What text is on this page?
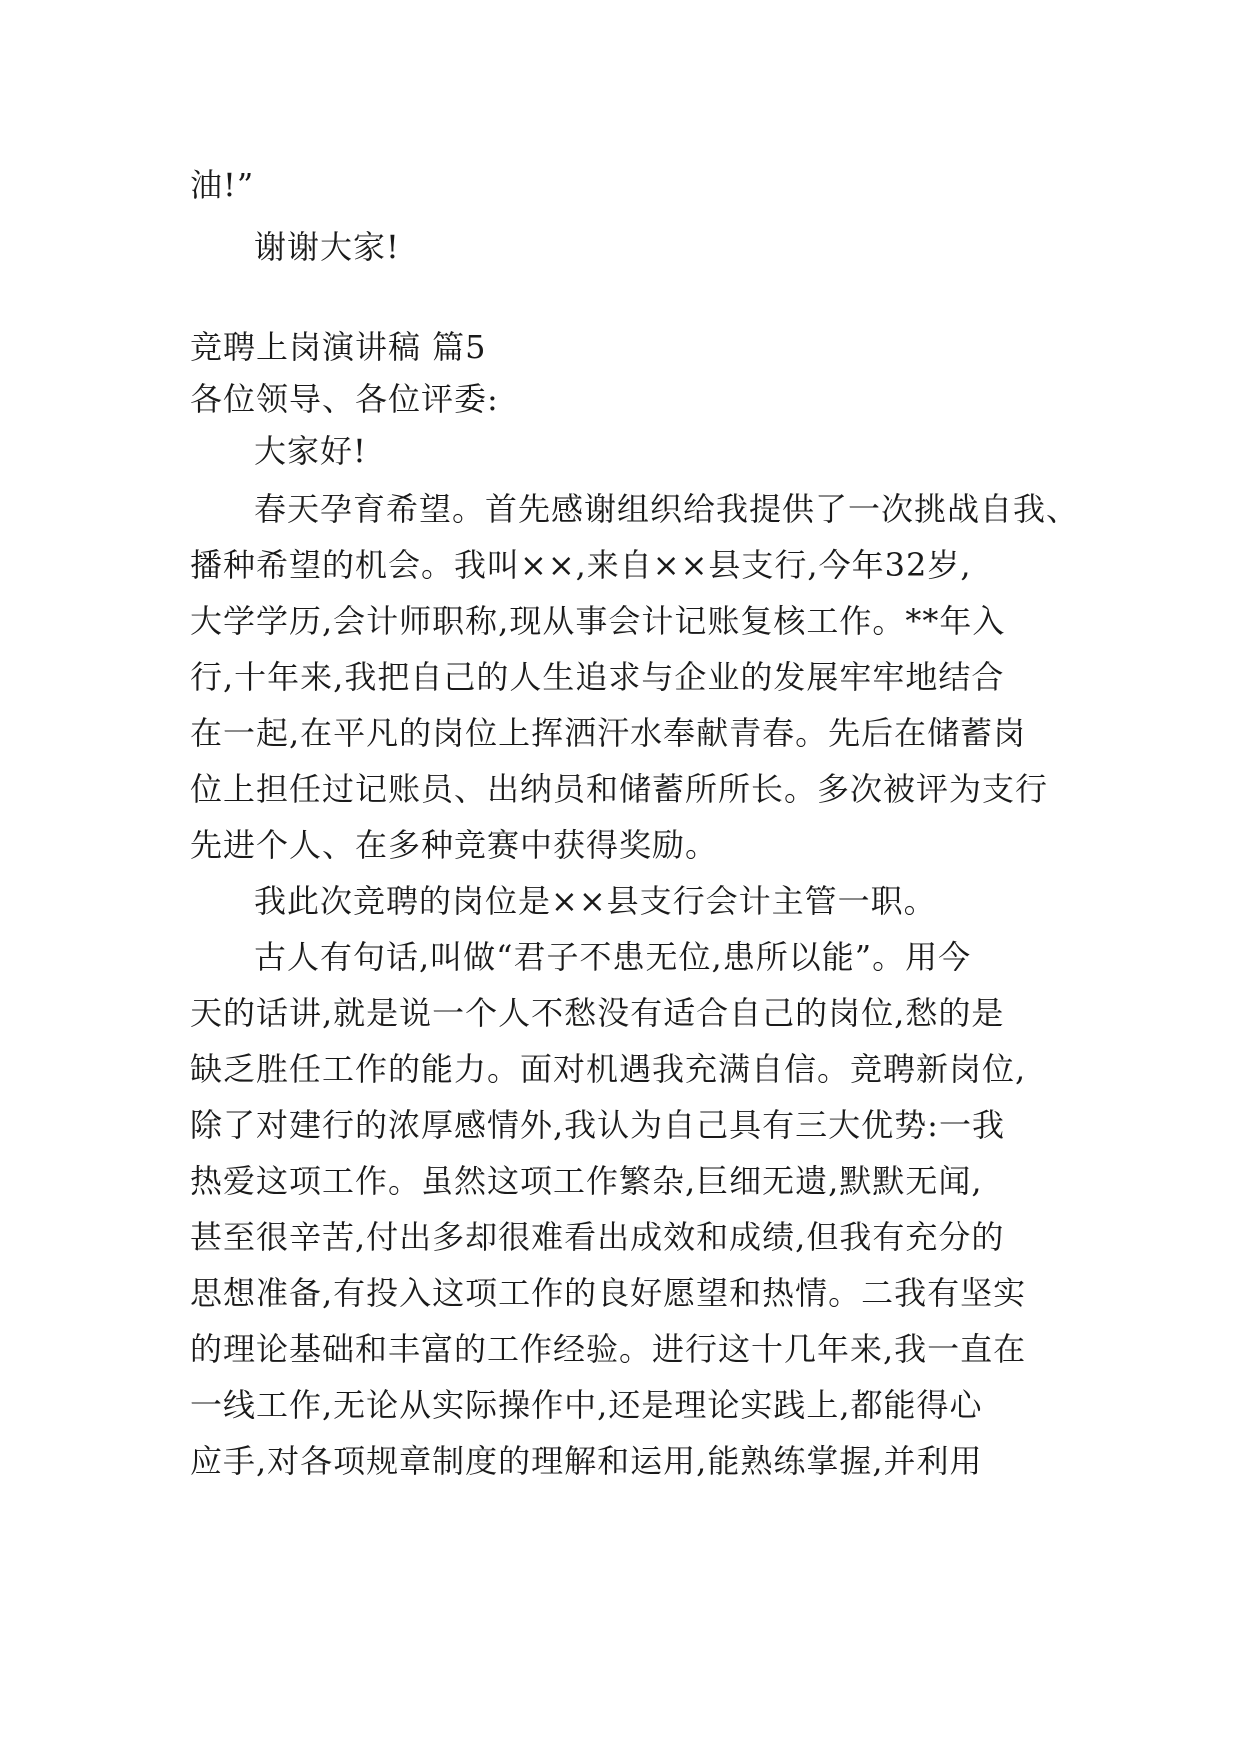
油!”
谢谢大家!
竞聘上岗演讲稿 篇5
各位领导、各位评委:
大家好!
春天孕育希望。首先感谢组织给我提供了一次挑战自我、
播种希望的机会。我叫××,来自××县支行,今年32岁,
大学学历,会计师职称,现从事会计记账复核工作。**年入
行,十年来,我把自己的人生追求与企业的发展牢牢地结合
在一起,在平凡的岗位上挥洒汗水奉献青春。先后在储蓄岗
位上担任过记账员、出纳员和储蓄所所长。多次被评为支行
先进个人、在多种竞赛中获得奖励。
我此次竞聘的岗位是××县支行会计主管一职。
古人有句话,叫做“君子不患无位,患所以能”。用今
天的话讲,就是说一个人不愁没有适合自己的岗位,愁的是
缺乏胜任工作的能力。面对机遇我充满自信。竞聘新岗位,
除了对建行的浓厚感情外,我认为自己具有三大优势:一我
热爱这项工作。虽然这项工作繁杂,巨细无遗,默默无闻,
甚至很辛苦,付出多却很难看出成效和成绩,但我有充分的
思想准备,有投入这项工作的良好愿望和热情。二我有坚实
的理论基础和丰富的工作经验。进行这十几年来,我一直在
一线工作,无论从实际操作中,还是理论实践上,都能得心
应手,对各项规章制度的理解和运用,能熟练掌握,并利用
